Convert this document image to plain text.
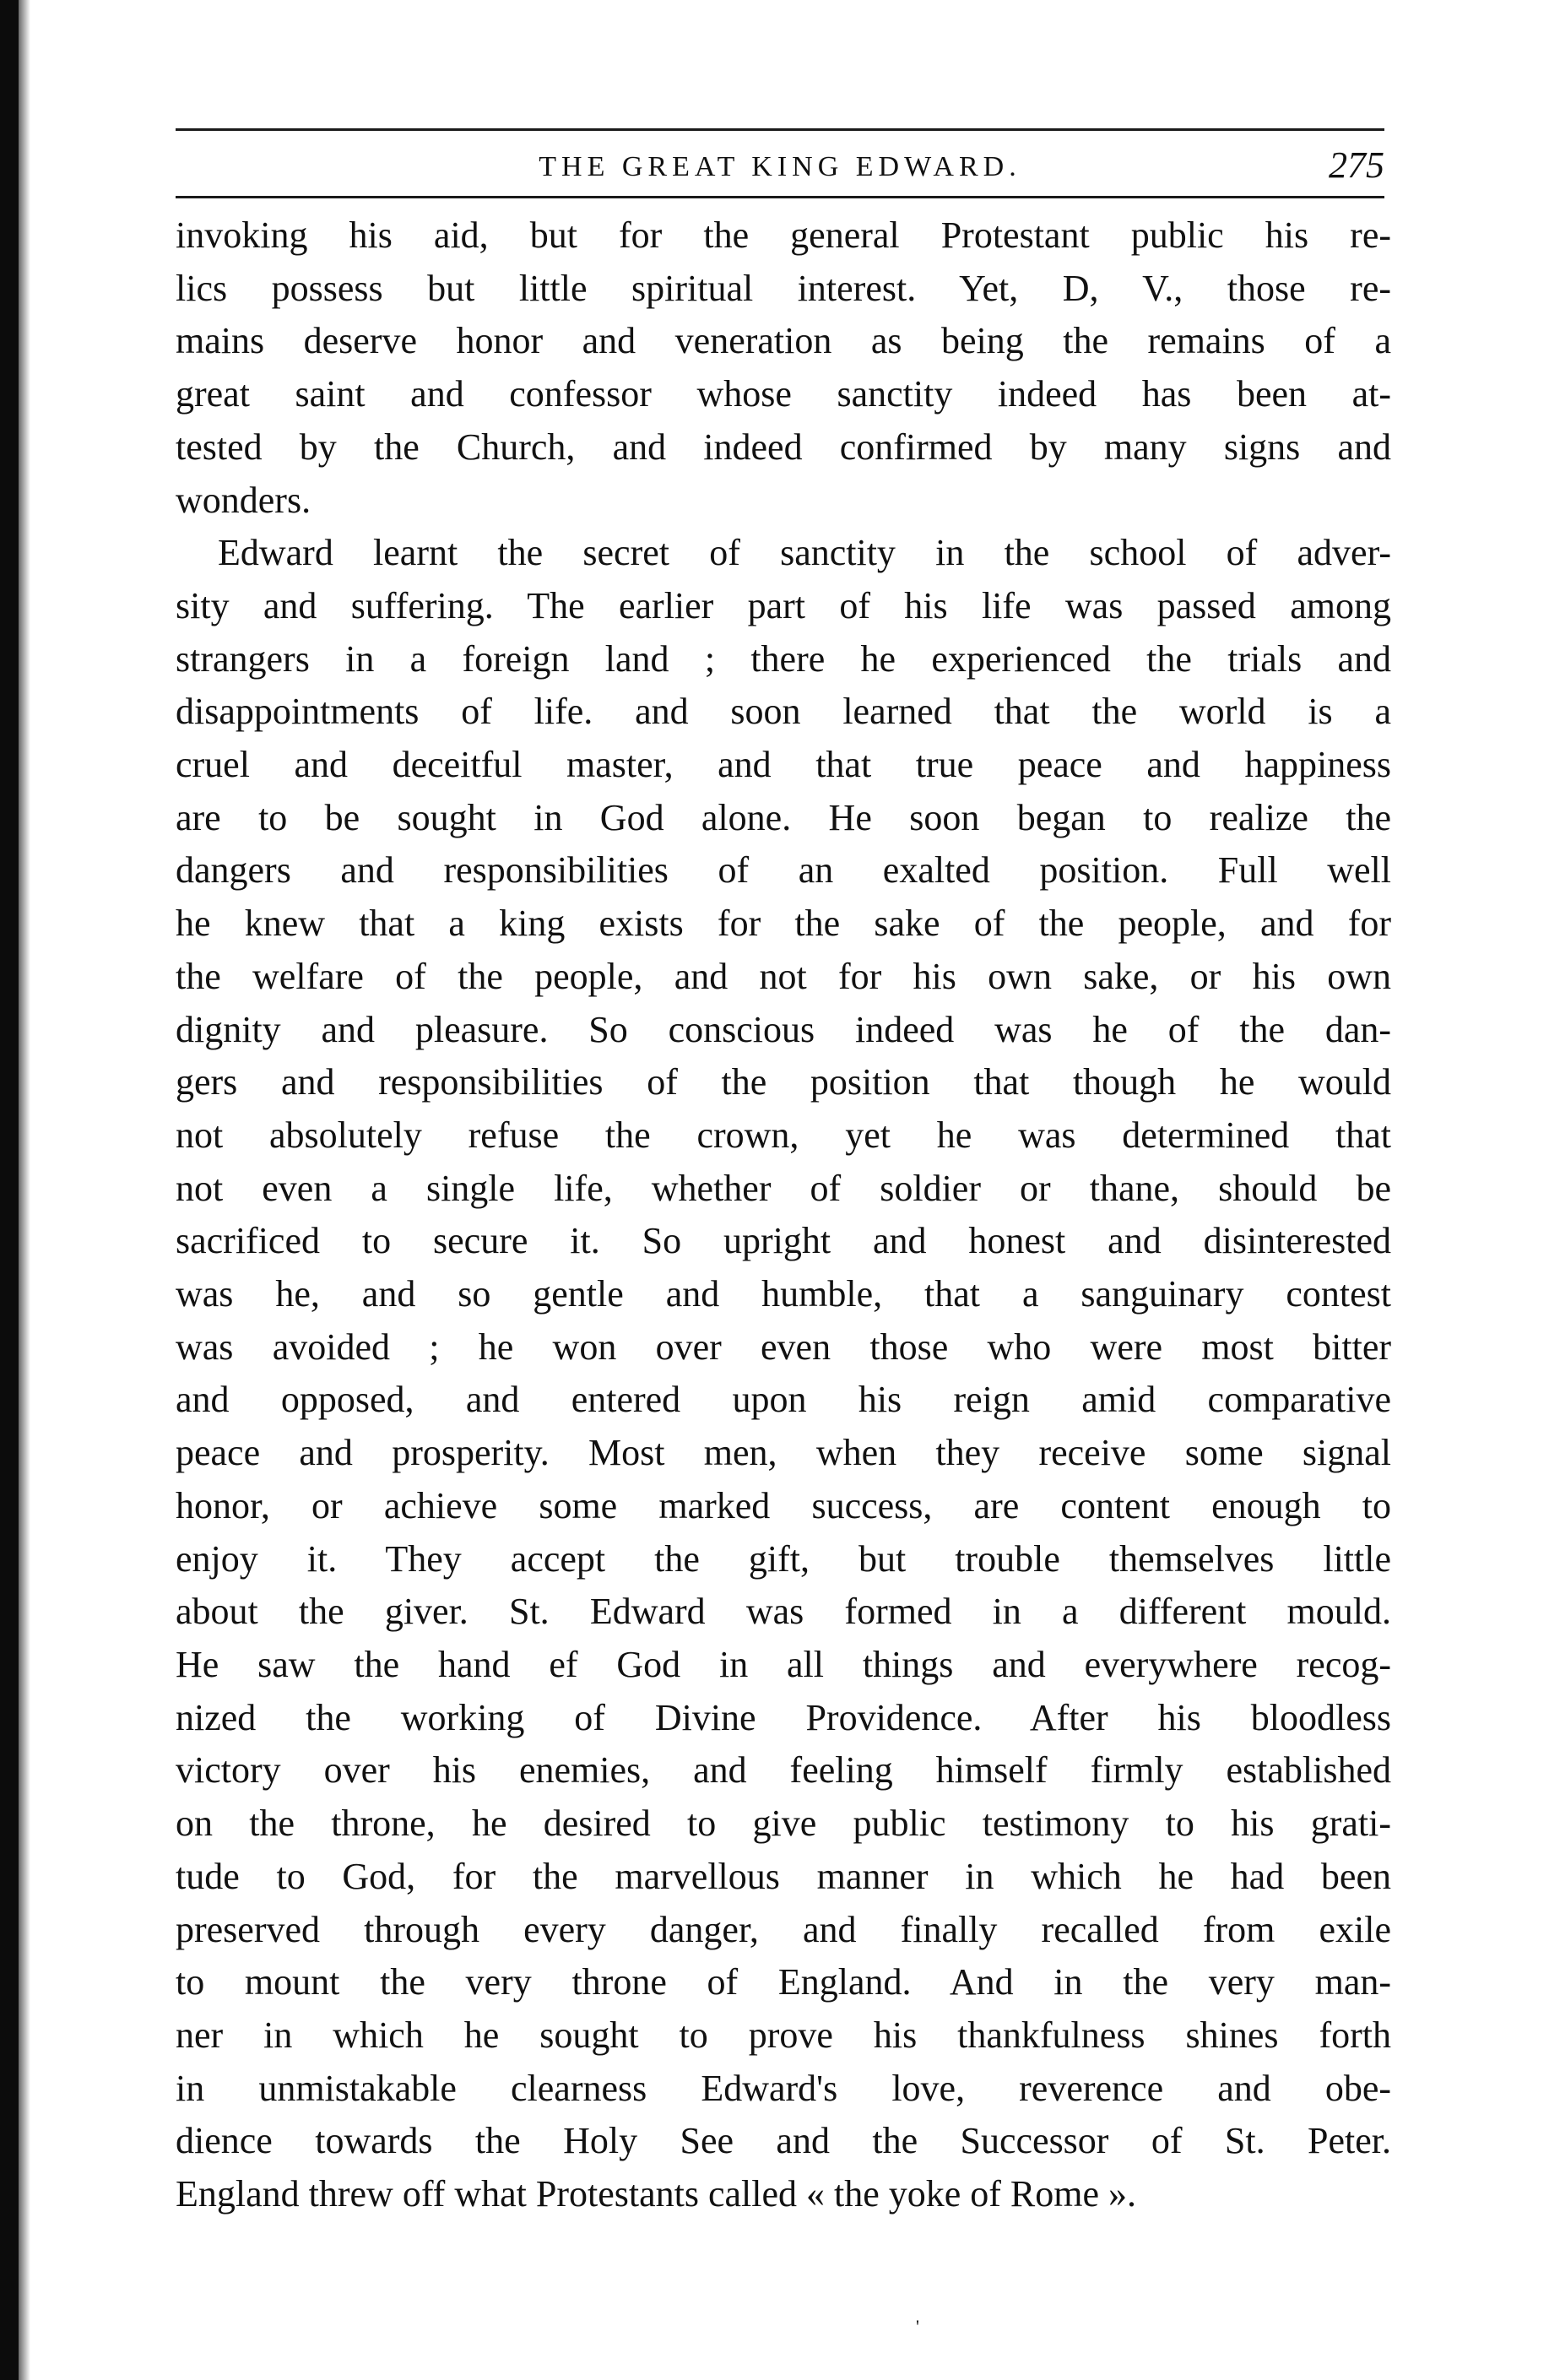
THE GREAT KING EDWARD.	275
invoking his aid, but for the general Protestant public his re-
lics possess but little spiritual interest. Yet, D, V., those re-
mains deserve honor and veneration as being the remains of a
great saint and confessor whose sanctity indeed has been at-
tested by the Church, and indeed confirmed by many signs and
wonders.
Edward learnt the secret of sanctity in the school of adver-
sity and suffering. The earlier part of his life was passed among
strangers in a foreign land ; there he experienced the trials and
disappointments of life. and soon learned that the world is a
cruel and deceitful master, and that true peace and happiness
are to be sought in God alone. He soon began to realize the
dangers and responsibilities of an exalted position. Full well
he knew that a king exists for the sake of the people, and for
the welfare of the people, and not for his own sake, or his own
dignity and pleasure. So conscious indeed was he of the dan-
gers and responsibilities of the position that though he would
not absolutely refuse the crown, yet he was determined that
not even a single life, whether of soldier or thane, should be
sacrificed to secure it. So upright and honest and disinterested
was he, and so gentle and humble, that a sanguinary contest
was avoided ; he won over even those who were most bitter
and opposed, and entered upon his reign amid comparative
peace and prosperity. Most men, when they receive some signal
honor, or achieve some marked success, are content enough to
enjoy it. They accept the gift, but trouble themselves little
about the giver. St. Edward was formed in a different mould.
He saw the hand ef God in all things and everywhere recog-
nized the working of Divine Providence. After his bloodless
victory over his enemies, and feeling himself firmly established
on the throne, he desired to give public testimony to his grati-
tude to God, for the marvellous manner in which he had been
preserved through every danger, and finally recalled from exile
to mount the very throne of England. And in the very man-
ner in which he sought to prove his thankfulness shines forth
in unmistakable clearness Edward's love, reverence and obe-
dience towards the Holy See and the Successor of St. Peter.
England threw off what Protestants called « the yoke of Rome ».
'
